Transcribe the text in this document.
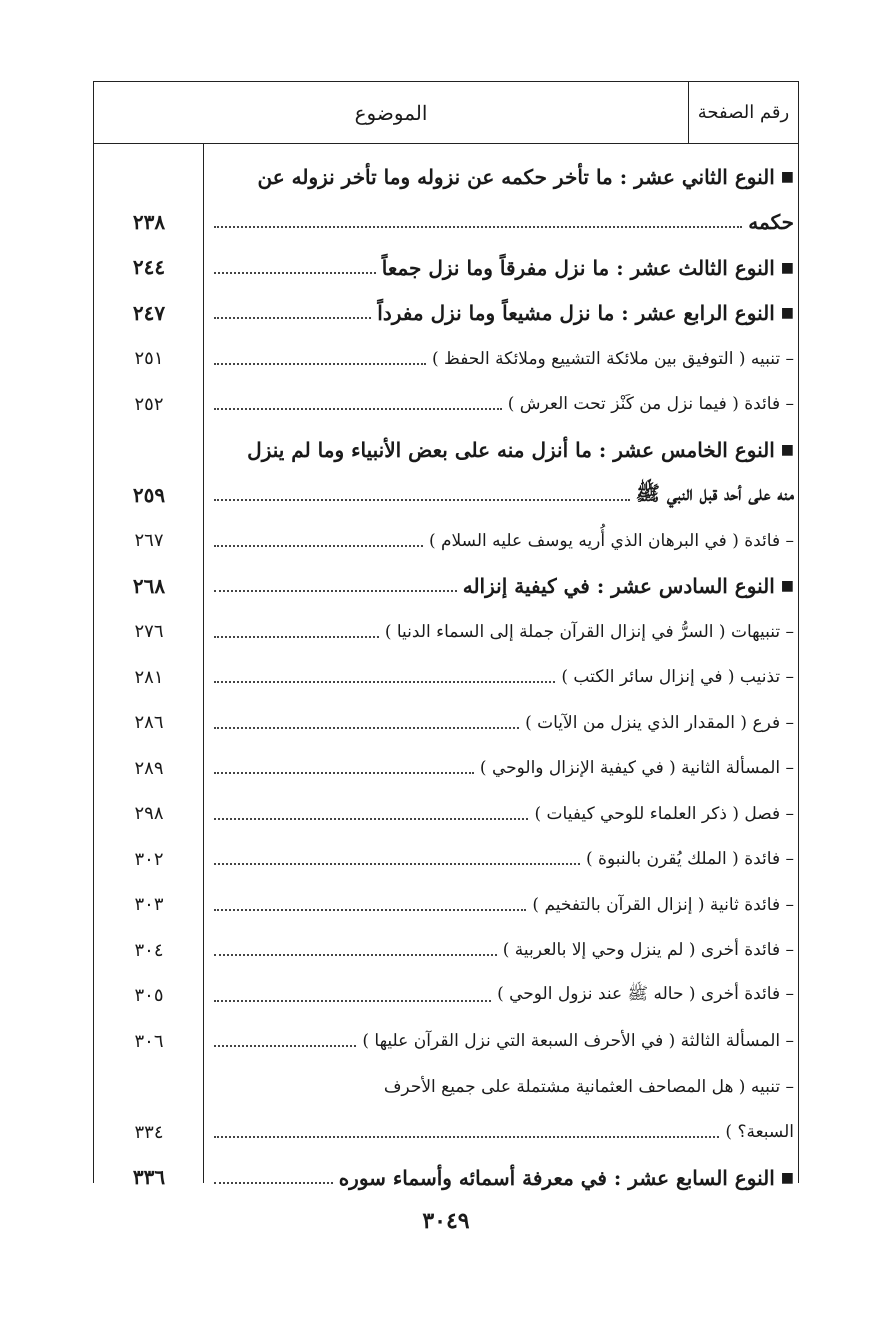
رقم الصفحة
الموضوع
■
النوع الثاني عشر : ما تأخر حكمه عن نزوله وما تأخر نزوله عن
حكمه
٢٣٨
■
النوع الثالث عشر : ما نزل مفرقاً وما نزل جمعاً
٢٤٤
■
النوع الرابع عشر : ما نزل مشيعاً وما نزل مفرداً
٢٤٧
– تنبيه ( التوفيق بين ملائكة التشييع وملائكة الحفظ )
٢٥١
– فائدة ( فيما نزل من كَنْز تحت العرش )
٢٥٢
■
النوع الخامس عشر : ما أنزل منه على بعض الأنبياء وما لم ينزل
منه على أحد قبل النبي ﷺ
٢٥٩
– فائدة ( في البرهان الذي أُريه يوسف عليه السلام )
٢٦٧
■
النوع السادس عشر : في كيفية إنزاله
٢٦٨
– تنبيهات ( السرُّ في إنزال القرآن جملة إلى السماء الدنيا )
٢٧٦
– تذنيب ( في إنزال سائر الكتب )
٢٨١
– فرع ( المقدار الذي ينزل من الآيات )
٢٨٦
– المسألة الثانية ( في كيفية الإنزال والوحي )
٢٨٩
– فصل ( ذكر العلماء للوحي كيفيات )
٢٩٨
– فائدة ( الملك يُقرن بالنبوة )
٣٠٢
– فائدة ثانية ( إنزال القرآن بالتفخيم )
٣٠٣
– فائدة أخرى ( لم ينزل وحي إلا بالعربية )
٣٠٤
– فائدة أخرى ( حاله ﷺ عند نزول الوحي )
٣٠٥
– المسألة الثالثة ( في الأحرف السبعة التي نزل القرآن عليها )
٣٠٦
– تنبيه ( هل المصاحف العثمانية مشتملة على جميع الأحرف
السبعة؟ )
٣٣٤
■
النوع السابع عشر : في معرفة أسمائه وأسماء سوره
٣٣٦
٣٠٤٩
